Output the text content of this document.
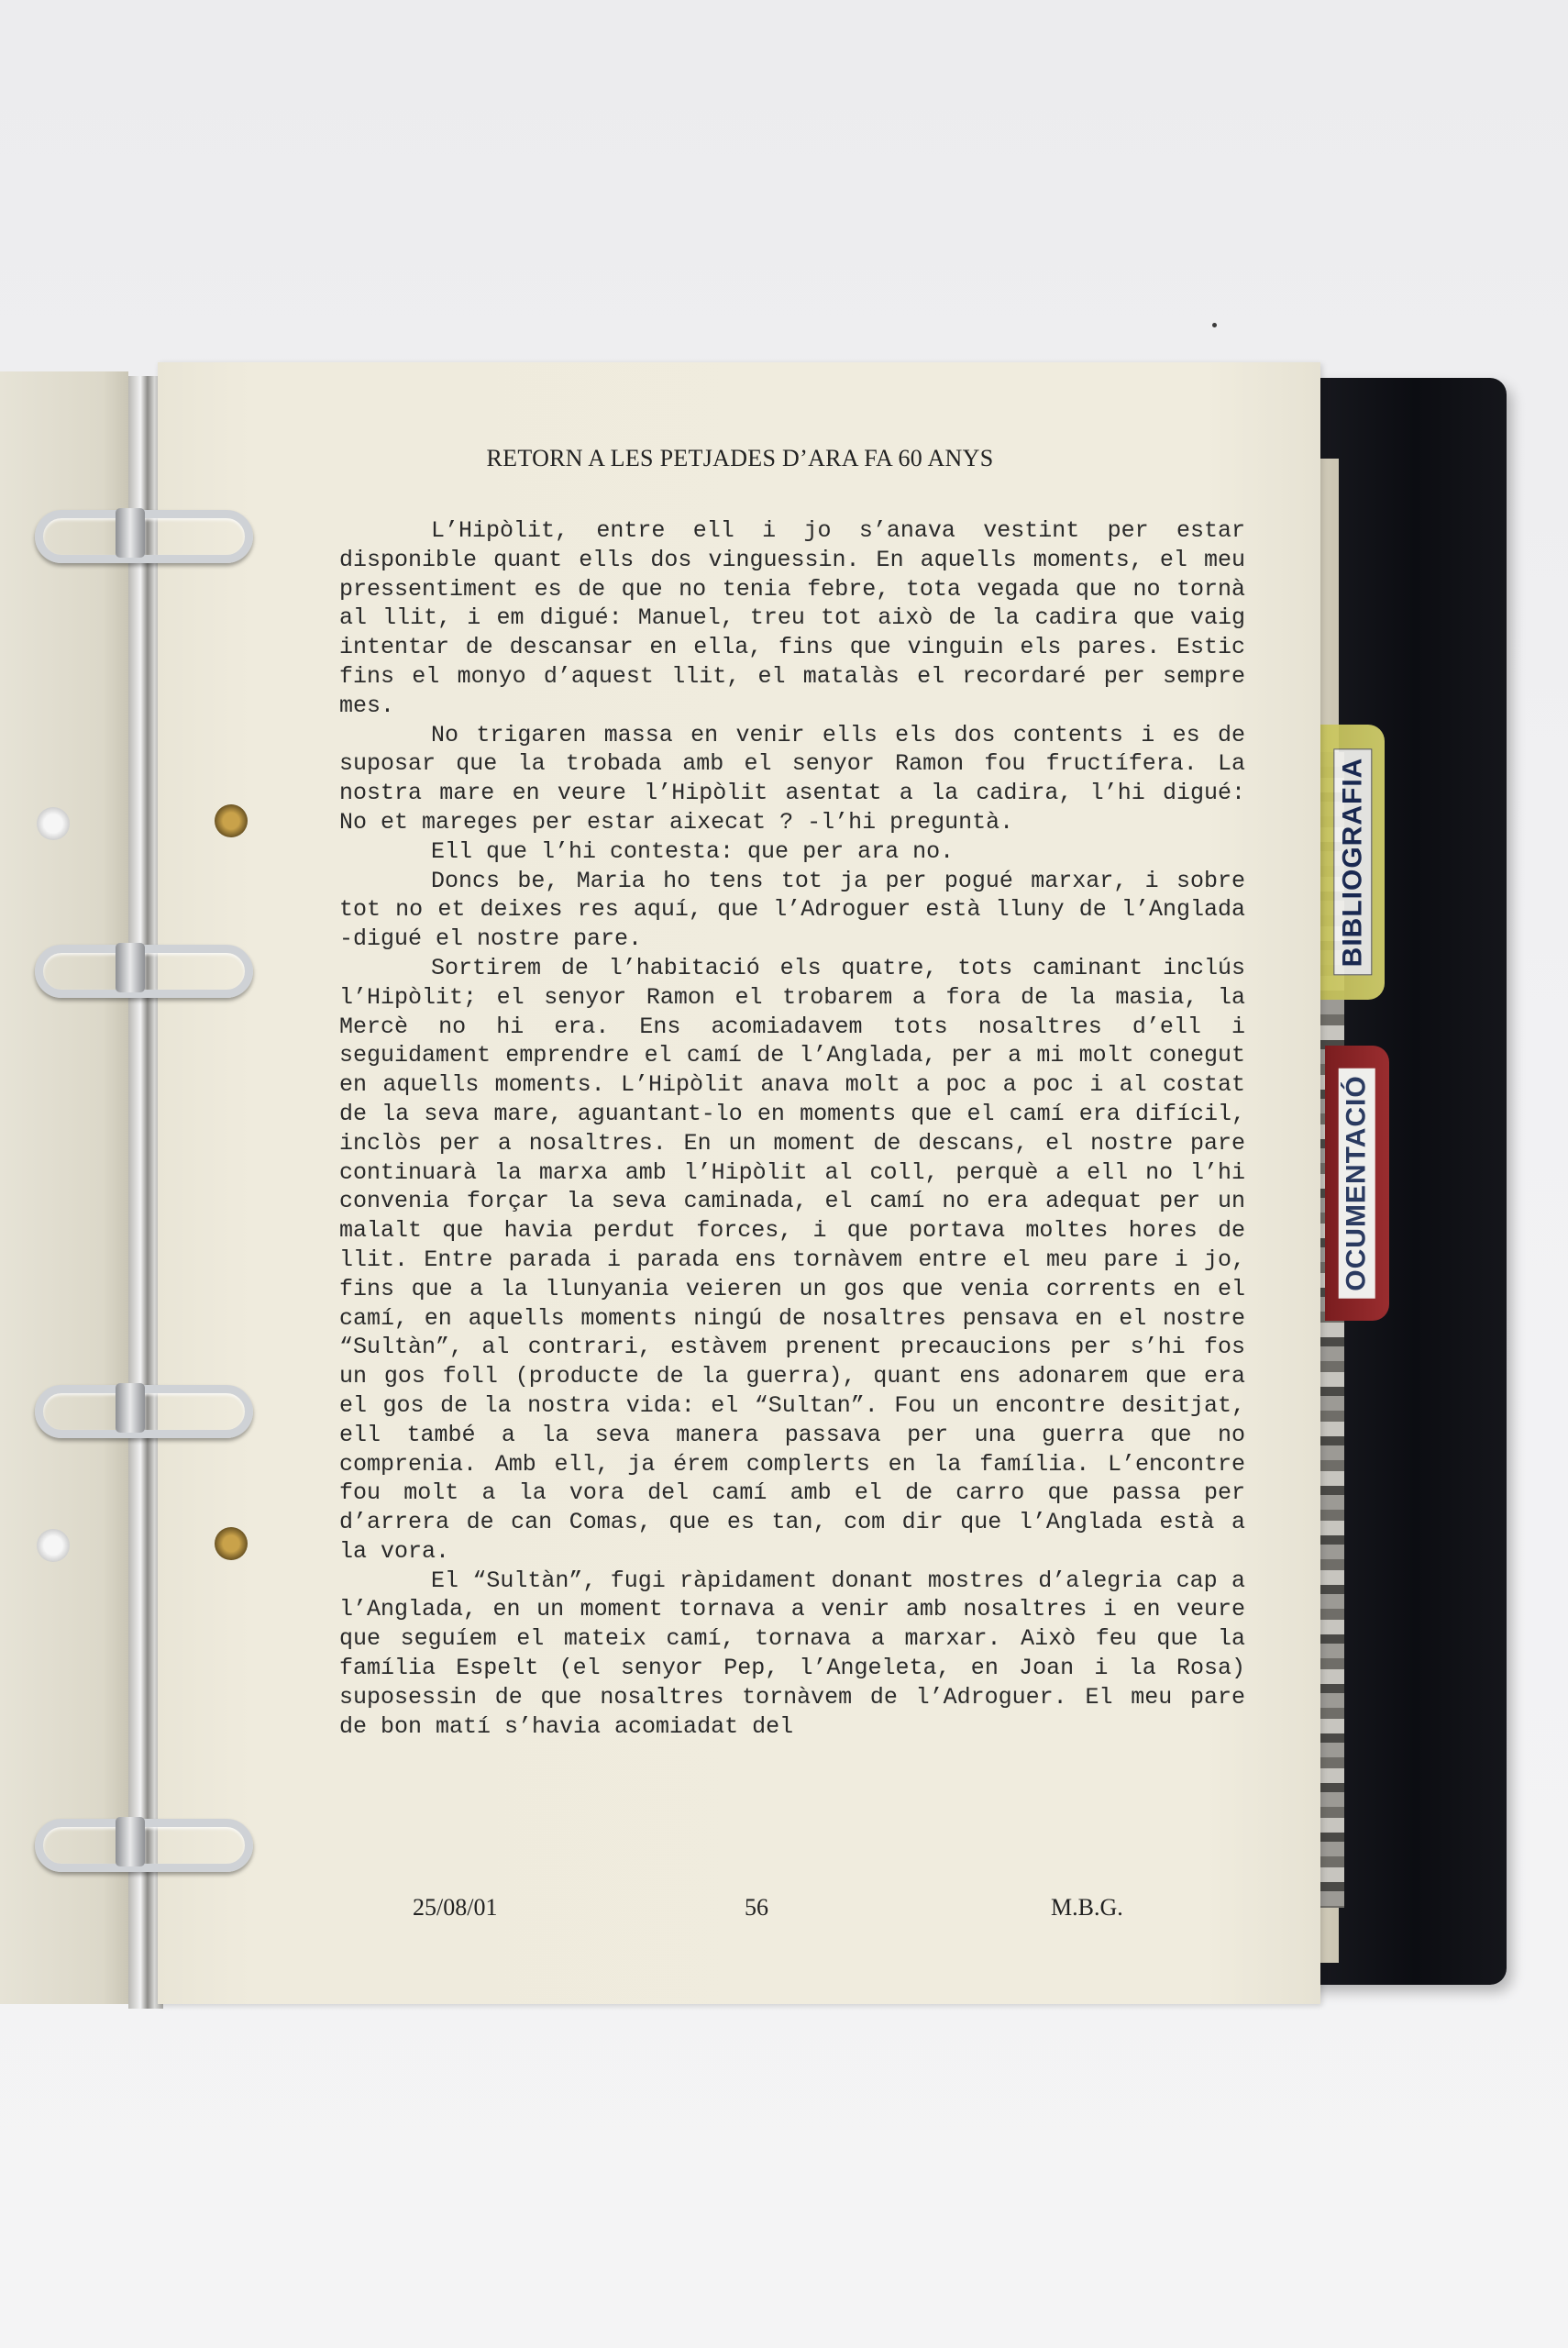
BIBLIOGRAFIA
OCUMENTACIÓ
RETORN A LES PETJADES D’ARA FA 60 ANYS

L’Hipòlit, entre ell i jo s’anava vestint per estar disponible quant ells dos vinguessin. En aquells moments, el meu pressentiment es de que no tenia febre, tota vegada que no tornà al llit, i em digué: Manuel, treu tot això de la cadira que vaig intentar de descansar en ella, fins que vinguin els pares. Estic fins el monyo d’aquest llit, el matalàs el recordaré per sempre mes.

No trigaren massa en venir ells els dos contents i es de suposar que la trobada amb el senyor Ramon fou fructífera. La nostra mare en veure l’Hipòlit asentat a la cadira, l’hi digué: No et mareges per estar aixecat ? -l’hi preguntà.

Ell que l’hi contesta: que per ara no.

Doncs be, Maria ho tens tot ja per pogué marxar, i sobre tot no et deixes res aquí, que l’Adroguer està lluny de l’Anglada -digué el nostre pare.

Sortirem de l’habitació els quatre, tots caminant inclús l’Hipòlit; el senyor Ramon el trobarem a fora de la masia, la Mercè no hi era. Ens acomiadavem tots nosaltres d’ell i seguidament emprendre el camí de l’Anglada, per a mi molt conegut en aquells moments. L’Hipòlit anava molt a poc a poc i al costat de la seva mare, aguantant-lo en moments que el camí era difícil, inclòs per a nosaltres. En un moment de descans, el nostre pare continuarà la marxa amb l’Hipòlit al coll, perquè a ell no l’hi convenia forçar la seva caminada, el camí no era adequat per un malalt que havia perdut forces, i que portava moltes hores de llit. Entre parada i parada ens tornàvem entre el meu pare i jo, fins que a la llunyania veieren un gos que venia corrents en el camí, en aquells moments ningú de nosaltres pensava en el nostre “Sultàn”, al contrari, estàvem prenent precaucions per s’hi fos un gos foll (producte de la guerra), quant ens adonarem que era el gos de la nostra vida: el “Sultan”. Fou un encontre desitjat, ell també a la seva manera passava per una guerra que no comprenia. Amb ell, ja érem complerts en la família. L’encontre fou molt a la vora del camí amb el de carro que passa per d’arrera de can Comas, que es tan, com dir que l’Anglada està a la vora.

El “Sultàn”, fugi ràpidament donant mostres d’alegria cap a l’Anglada, en un moment tornava a venir amb nosaltres i en veure que seguíem el mateix camí, tornava a marxar. Això feu que la família Espelt (el senyor Pep, l’Angeleta, en Joan i la Rosa) suposessin de que nosaltres tornàvem de l’Adroguer. El meu pare de bon matí s’havia acomiadat del

25/08/01	56	M.B.G.
